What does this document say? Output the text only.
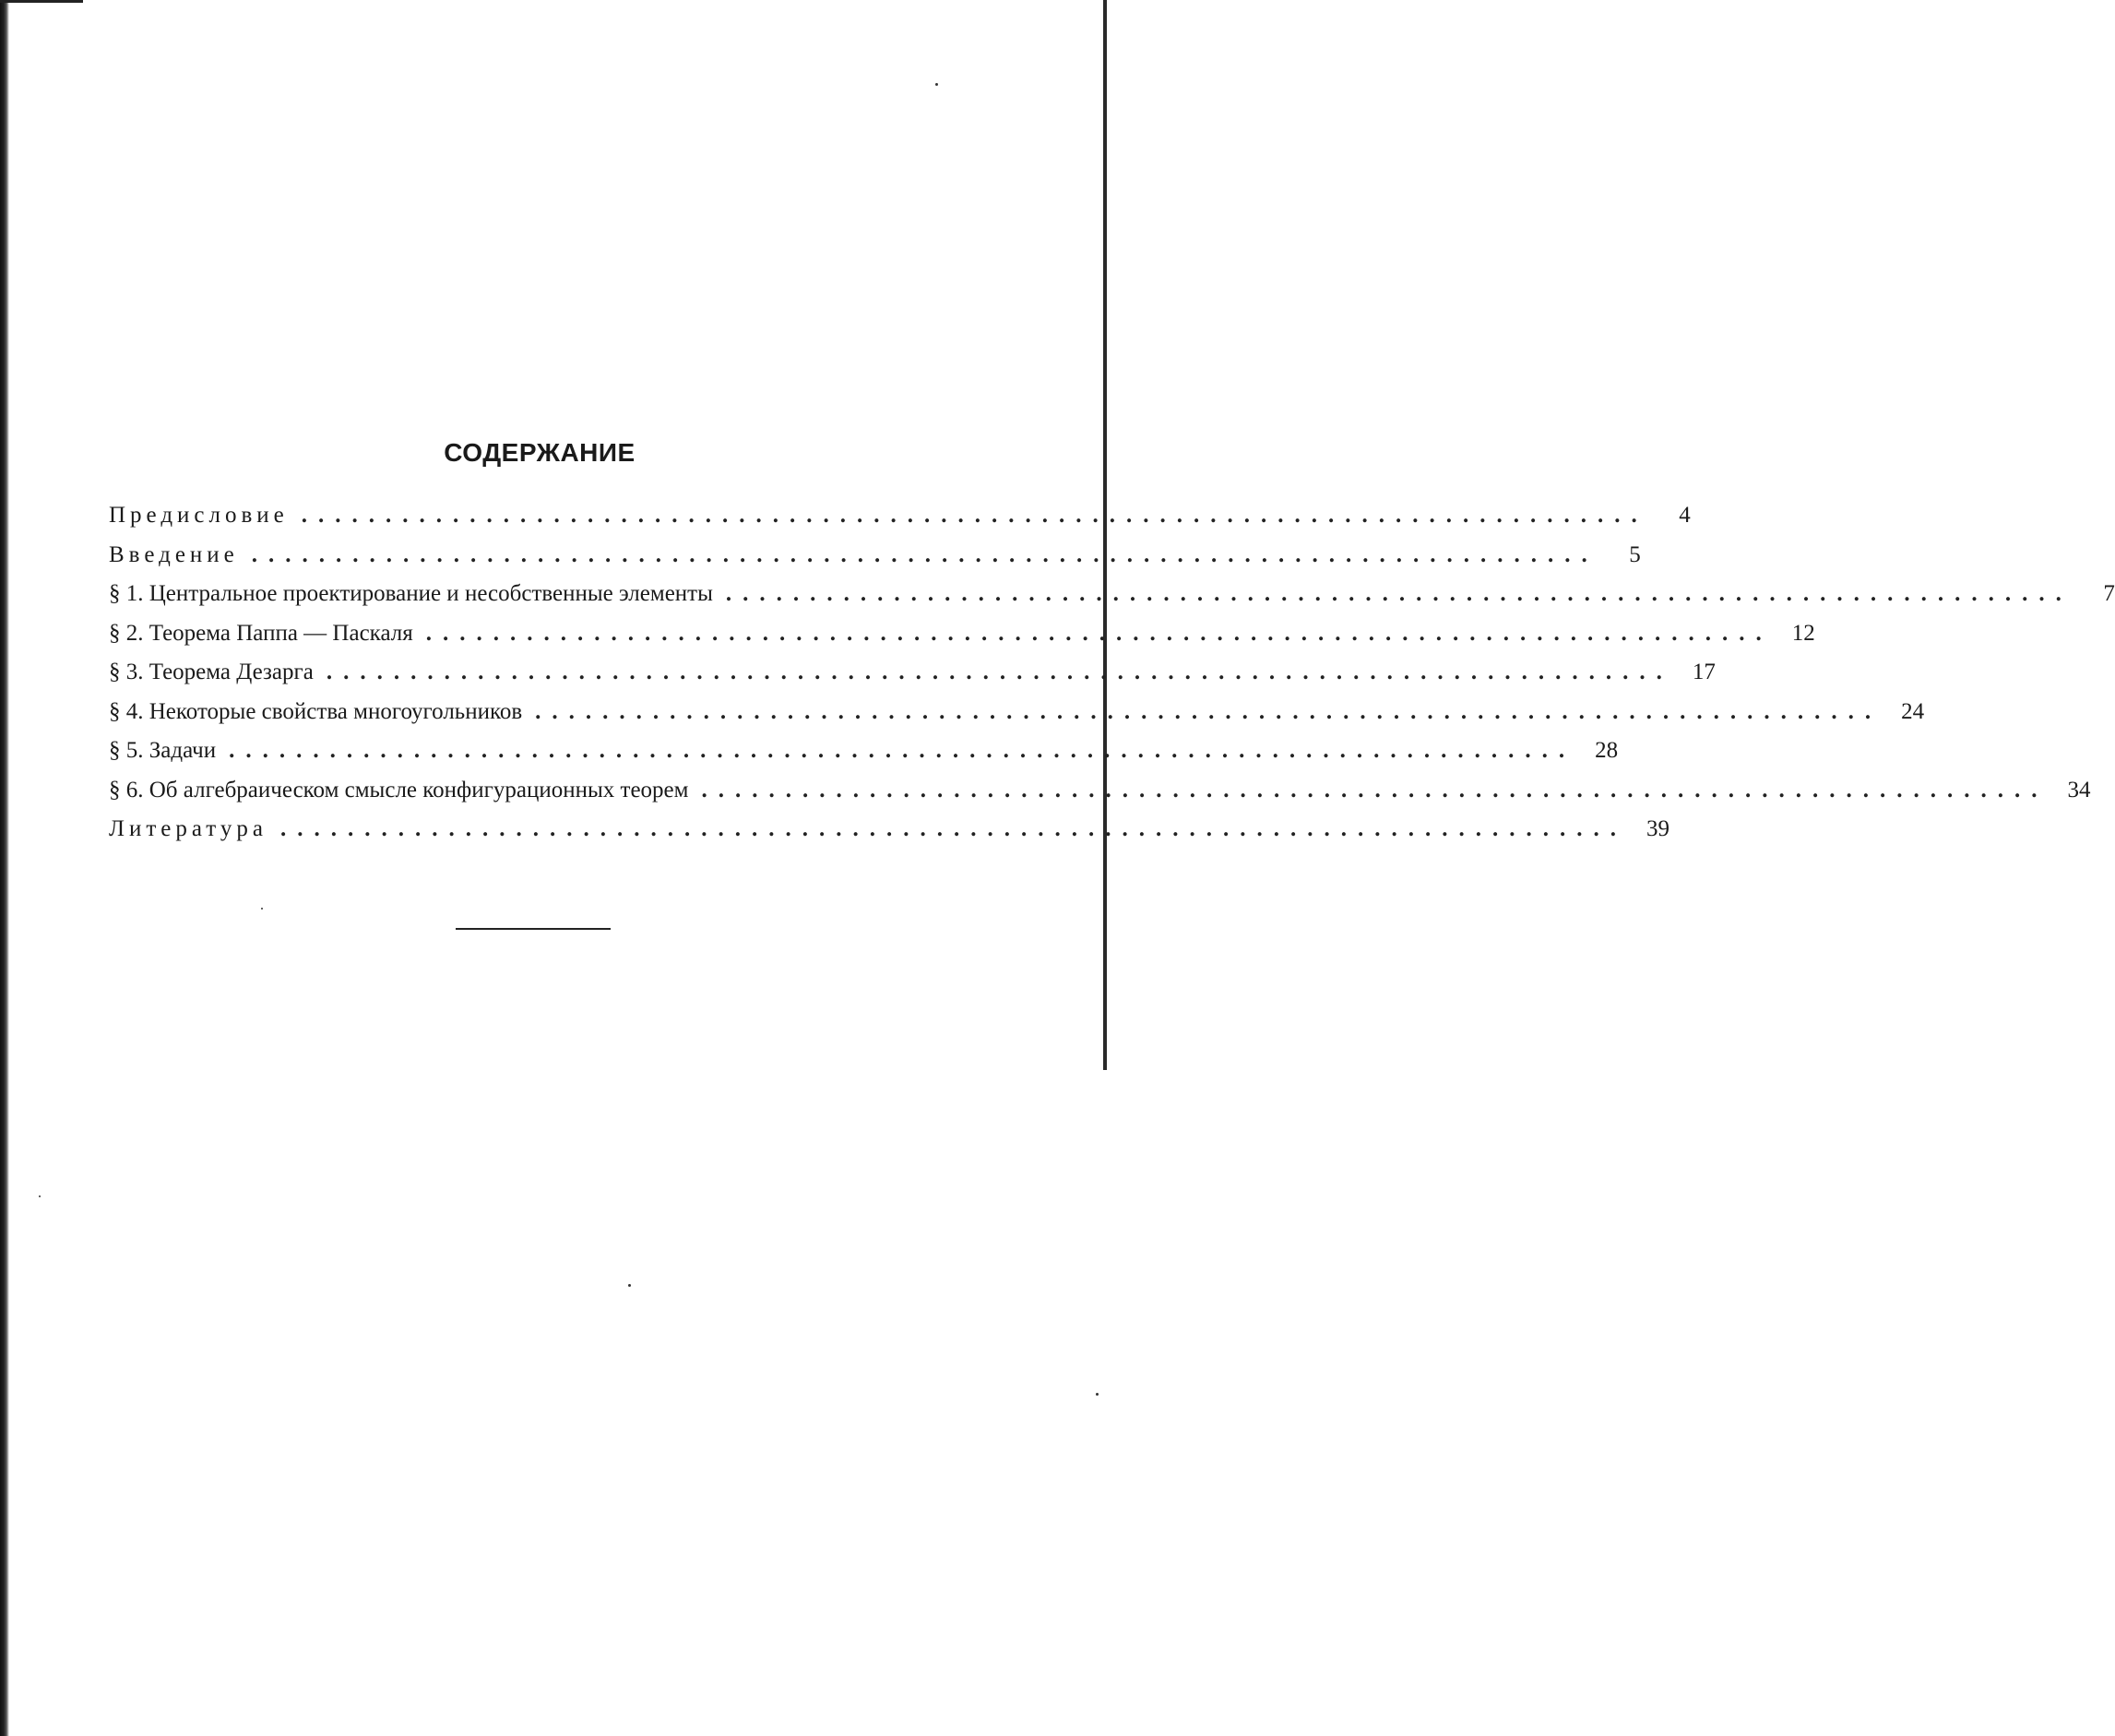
СОДЕРЖАНИЕ
Предисловие ................................................................................	4
Введение ................................................................................	5
§ 1. Центральное проектирование и несобственные элементы ................................................................................	7
§ 2. Теорема Паппа — Паскаля ................................................................................ 12
§ 3. Теорема Дезарга ................................................................................ 17
§ 4. Некоторые свойства многоугольников ................................................................................ 24
§ 5. Задачи ................................................................................ 28
§ 6. Об алгебраическом смысле конфигурационных теорем ................................................................................ 34
Литература ................................................................................ 39
